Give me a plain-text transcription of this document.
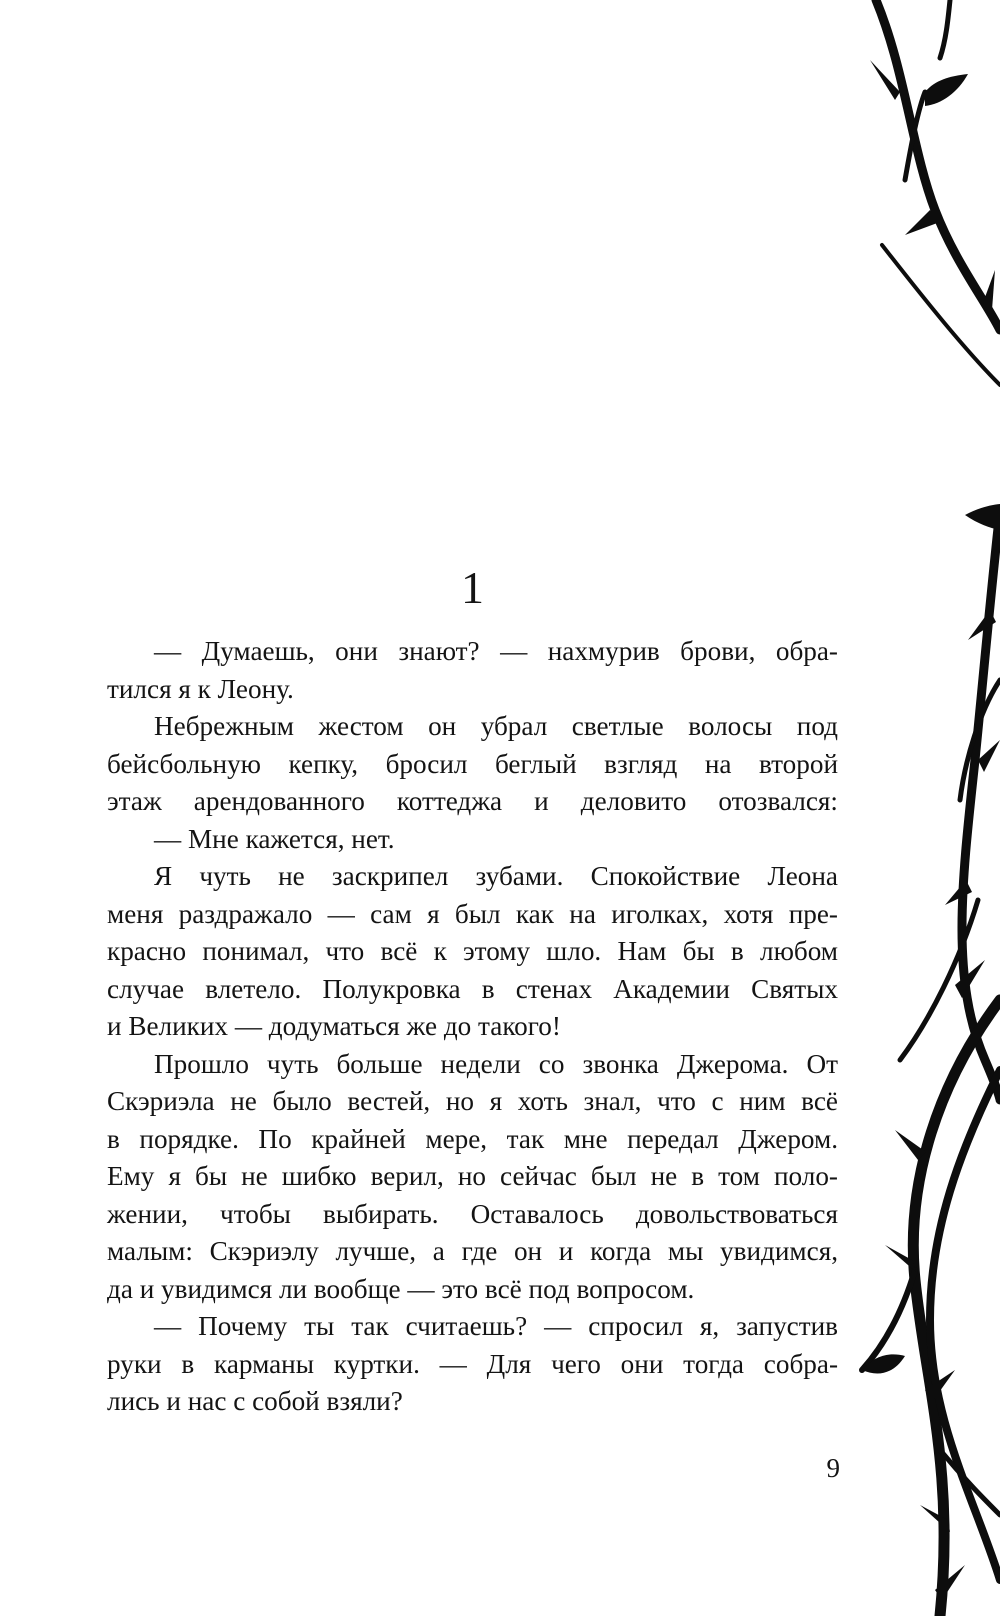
1
— Думаешь, они знают? — нахмурив брови, обра-
тился я к Леону.
Небрежным жестом он убрал светлые волосы под
бейсбольную кепку, бросил беглый взгляд на второй
этаж арендованного коттеджа и деловито отозвался:
— Мне кажется, нет.
Я чуть не заскрипел зубами. Спокойствие Леона
меня раздражало — сам я был как на иголках, хотя пре-
красно понимал, что всё к этому шло. Нам бы в любом
случае влетело. Полукровка в стенах Академии Святых
и Великих — додуматься же до такого!
Прошло чуть больше недели со звонка Джерома. От
Скэриэла не было вестей, но я хоть знал, что с ним всё
в порядке. По крайней мере, так мне передал Джером.
Ему я бы не шибко верил, но сейчас был не в том поло-
жении, чтобы выбирать. Оставалось довольствоваться
малым: Скэриэлу лучше, а где он и когда мы увидимся,
да и увидимся ли вообще — это всё под вопросом.
— Почему ты так считаешь? — спросил я, запустив
руки в карманы куртки. — Для чего они тогда собра-
лись и нас с собой взяли?
9
